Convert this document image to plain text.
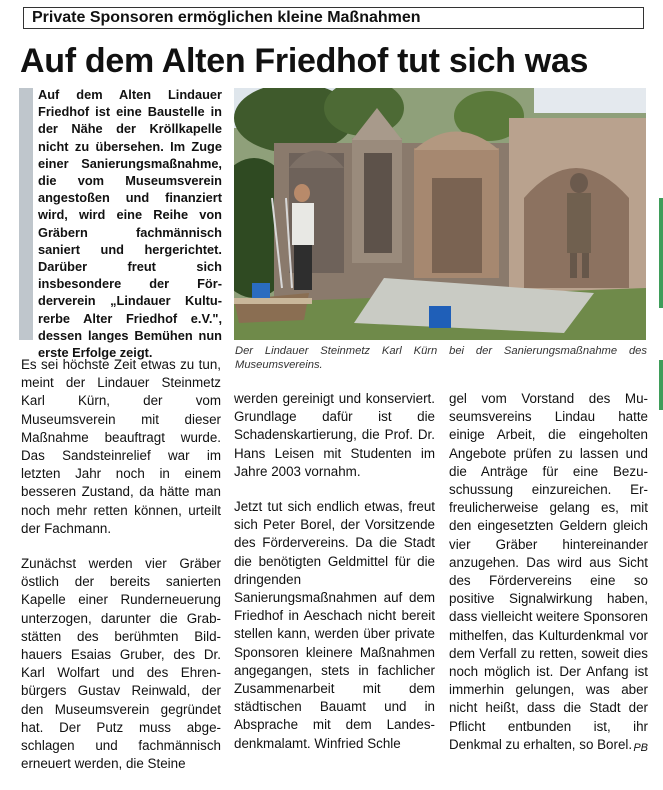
Private Sponsoren ermöglichen kleine Maßnahmen
Auf dem Alten Friedhof tut sich was

Auf dem Alten Lindauer Friedhof ist eine Baustelle in der Nähe der Kröllkapelle nicht zu übersehen. Im Zuge einer Sanierungsmaßnahme, die vom Museumsverein angestoßen und finanziert wird, wird eine Reihe von Gräbern fachmännisch saniert und hergerichtet. Darüber freut sich insbesondere der Förderverein „Lindauer Kulturerbe Alter Friedhof e.V.", dessen langes Bemühen nun erste Erfolge zeigt.	Der Lindauer Steinmetz Karl Kürn bei der Sanierungsmaßnahme des Museumsvereins.

Es sei höchste Zeit etwas zu tun, meint der Lindauer Steinmetz Karl Kürn, der vom Museumsverein mit dieser Maßnahme beauftragt wurde. Das Sandsteinrelief war im letzten Jahr noch in einem besseren Zustand, da hätte man noch mehr retten können, urteilt der Fachmann.

Zunächst werden vier Gräber östlich der bereits sanierten Kapelle einer Runderneuerung unterzogen, darunter die Grabstätten des berühmten Bildhauers Esaias Gruber, des Dr. Karl Wolfart und des Ehrenbürgers Gustav Reinwald, der den Museumsverein gegründet hat. Der Putz muss abgeschlagen und fachmännisch erneuert werden, die Steine

werden gereinigt und konserviert. Grundlage dafür ist die Schadenskartierung, die Prof. Dr. Hans Leisen mit Studenten im Jahre 2003 vornahm.

Jetzt tut sich endlich etwas, freut sich Peter Borel, der Vorsitzende des Fördervereins. Da die Stadt die benötigten Geldmittel für die dringenden Sanierungsmaßnahmen auf dem Friedhof in Aeschach nicht bereit stellen kann, werden über private Sponsoren kleinere Maßnahmen angegangen, stets in fachlicher Zusammenarbeit mit dem städtischen Bauamt und in Absprache mit dem Landesdenkmalamt. Winfried Schle

gel vom Vorstand des Museumsvereins Lindau hatte einige Arbeit, die eingeholten Angebote prüfen zu lassen und die Anträge für eine Bezuschussung einzureichen. Erfreulicherweise gelang es, mit den eingesetzten Geldern gleich vier Gräber hintereinander anzugehen. Das wird aus Sicht des Fördervereins eine so positive Signalwirkung haben, dass vielleicht weitere Sponsoren mithelfen, das Kulturdenkmal vor dem Verfall zu retten, soweit dies noch möglich ist. Der Anfang ist immerhin gelungen, was aber nicht heißt, dass die Stadt der Pflicht entbunden ist, ihr Denkmal zu erhalten, so Borel. PB
